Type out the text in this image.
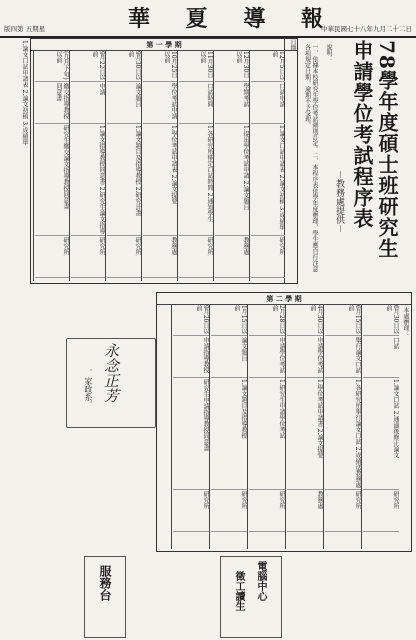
中華民國七十八年九月二十二日
華 夏 導 報
版四第 五期星
78學年度碩士班研究生
申請學位考試程序表
－教務處提供－
說明：
一、依據本校研究生學位考試細則訂定。二、本程序表依學年度辦理，學生應自行注意各項規定日期，逾期不予受理。
第 一 學 期	日期
12月5日以前
口試申請
1.論文口試申請表 2.論文初稿 3.成績單
研究所
12月30日以前
學期考試
1.提出學位考試申請 2.論文題目
教務處
11月30日以前
口試時間
1.各研究所排定口試時間 2.通知學生
研究所
10月25日以前
學位考試申請
1.學位考試申請表 2.論文提要
教務處
9月30日以前
論文題目
1.論文題目及指導教授 2.研究計畫
研究所
9月22日以前
申請
1.論文指導教授同意書 2.研究生論文指導
研究所
(九月下旬)以前
繳交指導教授同意書
研究生繳交論文指導教授同意書
研究所
1.論文口試申請表 2.論文初稿 3.成績單
第 二 學 期
本處辦理：
6月30日以前
口試
1.論文口試 2.通過後修正論文
研究所
6月15日以前
舉行論文口試
1.各研究所舉行論文口試 2.成績送教務處
研究所
4月30日以前
申請學位考試
1.學位考試申請書 2.論文提要
教務處
2月28日以前
申請學位考試
1.研究生申請學位考試
研究所
1月15日以前
論文題目
1.論文題目及指導教授
研究所
9月20日以前
申請指導教授
研究生申請指導教授同意書
研究所
永念正芳
．家政系．
電腦中心
徵工讀生
服務台
